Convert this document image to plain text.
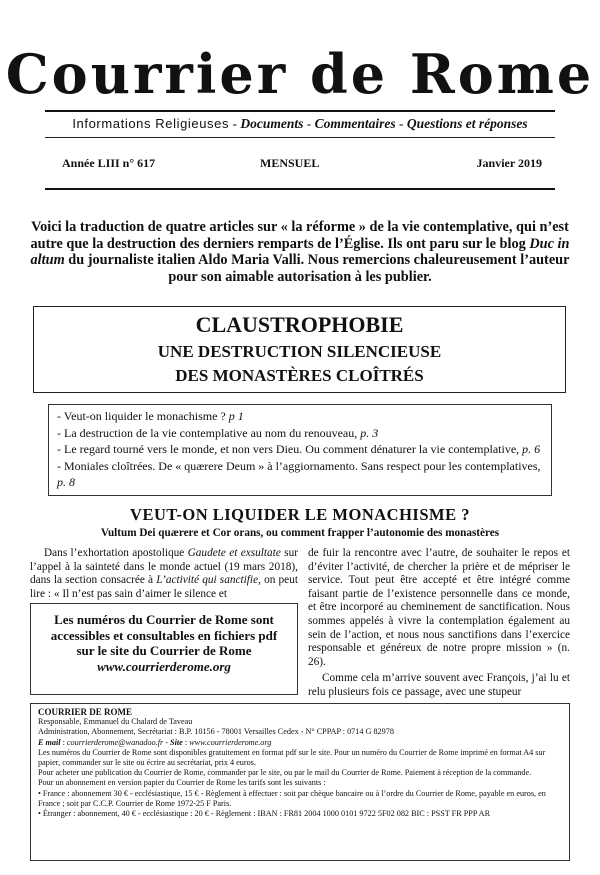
Courrier de Rome
Informations Religieuses - Documents - Commentaires - Questions et réponses
Année LIII n° 617	MENSUEL	Janvier 2019
Voici la traduction de quatre articles sur « la réforme » de la vie contemplative, qui n’est autre que la destruction des derniers remparts de l’Église. Ils ont paru sur le blog Duc in altum du journaliste italien Aldo Maria Valli. Nous remercions chaleureusement l’auteur pour son aimable autorisation à les publier.
CLAUSTROPHOBIE
UNE DESTRUCTION SILENCIEUSE
DES MONASTÈRES CLOÎTRÉS
- Veut-on liquider le monachisme ? p 1
- La destruction de la vie contemplative au nom du renouveau, p. 3
- Le regard tourné vers le monde, et non vers Dieu. Ou comment dénaturer la vie contemplative, p. 6
- Moniales cloîtrées. De « quærere Deum » à l’aggiornamento. Sans respect pour les contemplatives, p. 8
VEUT-ON LIQUIDER LE MONACHISME ?
Vultum Dei quærere et Cor orans, ou comment frapper l’autonomie des monastères

Dans l’exhortation apostolique Gaudete et exsultate sur l’appel à la sainteté dans le monde actuel (19 mars 2018), dans la section consacrée à L’activité qui sanctifie, on peut lire : « Il n’est pas sain d’aimer le silence et

Les numéros du Courrier de Rome sont accessibles et consultables en fichiers pdf sur le site du Courrier de Rome
www.courrierderome.org

de fuir la rencontre avec l’autre, de souhaiter le repos et d’éviter l’activité, de chercher la prière et de mépriser le service. Tout peut être accepté et être intégré comme faisant partie de l’existence personnelle dans ce monde, et être incorporé au cheminement de sanctification. Nous sommes appelés à vivre la contemplation également au sein de l’action, et nous nous sanctifions dans l’exercice responsable et généreux de notre propre mission » (n. 26).

Comme cela m’arrive souvent avec François, j’ai lu et relu plusieurs fois ce passage, avec une stupeur

COURRIER DE ROME
Responsable, Emmanuel du Chalard de Taveau
Administration, Abonnement, Secrétariat : B.P. 10156 - 78001 Versailles Cedex - N° CPPAP : 0714 G 82978
E mail : courrierderome@wanadoo.fr - Site : www.courrierderome.org
Les numéros du Courrier de Rome sont disponibles gratuitement en format pdf sur le site. Pour un numéro du Courrier de Rome imprimé en format A4 sur papier, commander sur le site ou écrire au secrétariat, prix 4 euros.
Pour acheter une publication du Courrier de Rome, commander par le site, ou par le mail du Courrier de Rome. Paiement à réception de la commande.
Pour un abonnement en version papier du Courrier de Rome les tarifs sont les suivants :
• France : abonnement 30 € - ecclésiastique, 15 € - Règlement à effectuer : soit par chèque bancaire ou à l’ordre du Courrier de Rome, payable en euros, en France ; soit par C.C.P. Courrier de Rome 1972-25 F Paris.
• Étranger : abonnement, 40 € - ecclésiastique : 20 € - Règlement : IBAN : FR81 2004 1000 0101 9722 5F02 082 BIC : PSST FR PPP AR
